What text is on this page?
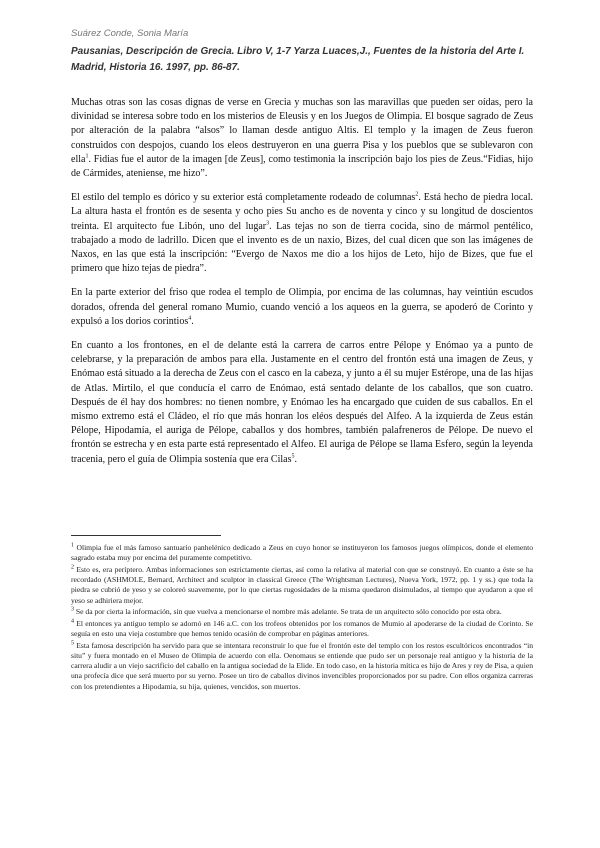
Suárez Conde, Sonia María
Pausanias, Descripción de Grecia. Libro V, 1-7 Yarza Luaces,J., Fuentes de la historia del Arte I. Madrid, Historia 16. 1997, pp. 86-87.

Muchas otras son las cosas dignas de verse en Grecia y muchas son las maravillas que pueden ser oídas, pero la divinidad se interesa sobre todo en los misterios de Eleusis y en los Juegos de Olimpia. El bosque sagrado de Zeus por alteración de la palabra “alsos” lo llaman desde antiguo Altis. El templo y la imagen de Zeus fueron construidos con despojos, cuando los eleos destruyeron en una guerra Pisa y los pueblos que se sublevaron con ella$^1$. Fidias fue el autor de la imagen [de Zeus], como testimonia la inscripción bajo los pies de Zeus.“Fidias, hijo de Cármides, ateniense, me hizo”.

El estilo del templo es dórico y su exterior está completamente rodeado de columnas$^2$. Está hecho de piedra local. La altura hasta el frontón es de sesenta y ocho pies Su ancho es de noventa y cinco y su longitud de doscientos treinta. El arquitecto fue Libón, uno del lugar$^3$. Las tejas no son de tierra cocida, sino de mármol pentélico, trabajado a modo de ladrillo. Dicen que el invento es de un naxio, Bizes, del cual dicen que son las imágenes de Naxos, en las que está la inscripción: “Evergo de Naxos me dio a los hijos de Leto, hijo de Bizes, que fue el primero que hizo tejas de piedra”.

En la parte exterior del friso que rodea el templo de Olimpia, por encima de las columnas, hay veintiún escudos dorados, ofrenda del general romano Mumio, cuando venció a los aqueos en la guerra, se apoderó de Corinto y expulsó a los dorios corintios$^4$.

En cuanto a los frontones, en el de delante está la carrera de carros entre Pélope y Enómao ya a punto de celebrarse, y la preparación de ambos para ella. Justamente en el centro del frontón está una imagen de Zeus, y Enómao está situado a la derecha de Zeus con el casco en la cabeza, y junto a él su mujer Estérope, una de las hijas de Atlas. Mirtilo, el que conducía el carro de Enómao, está sentado delante de los caballos, que son cuatro. Después de él hay dos hombres: no tienen nombre, y Enómao les ha encargado que cuiden de sus caballos. En el mismo extremo está el Cládeo, el río que más honran los eléos después del Alfeo. A la izquierda de Zeus están Pélope, Hipodamía, el auriga de Pélope, caballos y dos hombres, también palafreneros de Pélope. De nuevo el frontón se estrecha y en esta parte está representado el Alfeo. El auriga de Pélope se llama Esfero, según la leyenda tracenia, pero el guía de Olimpia sostenía que era Cilas$^5$.

$^1$ Olimpia fue el más famoso santuario panhelénico dedicado a Zeus en cuyo honor se instituyeron los famosos juegos olímpicos, donde el elemento sagrado estaba muy por encima del puramente competitivo.

$^2$ Esto es, era períptero. Ambas informaciones son estrictamente ciertas, así como la relativa al material con que se construyó. En cuanto a éste se ha recordado (ASHMOLE, Bernard, Architect and sculptor in classical Greece (The Wrightsman Lectures), Nueva York, 1972, pp. 1 y ss.) que toda la piedra se cubrió de yeso y se coloreó suavemente, por lo que ciertas rugosidades de la misma quedaron disimulados, al tiempo que ayudaron a que el yeso se adhiriera mejor.

$^3$ Se da por cierta la información, sin que vuelva a mencionarse el nombre más adelante. Se trata de un arquitecto sólo conocido por esta obra.

$^4$ El entonces ya antiguo templo se adornó en 146 a.C. con los trofeos obtenidos por los romanos de Mumio al apoderarse de la ciudad de Corinto. Se seguía en esto una vieja costumbre que hemos tenido ocasión de comprobar en páginas anteriores.

$^5$ Esta famosa descripción ha servido para que se intentara reconstruir lo que fue el frontón este del templo con los restos escultóricos encontrados “in situ” y fuera montado en el Museo de Olimpia de acuerdo con ella. Oenomaus se entiende que pudo ser un personaje real antiguo y la historia de la carrera aludir a un viejo sacrificio del caballo en la antigua sociedad de la Elide. En todo caso, en la historia mítica es hijo de Ares y rey de Pisa, a quien una profecía dice que será muerto por su yerno. Posee un tiro de caballos divinos invencibles proporcionados por su padre. Con ellos organiza carreras con los pretendientes a Hipodamia, su hija, quienes, vencidos, son muertos.
